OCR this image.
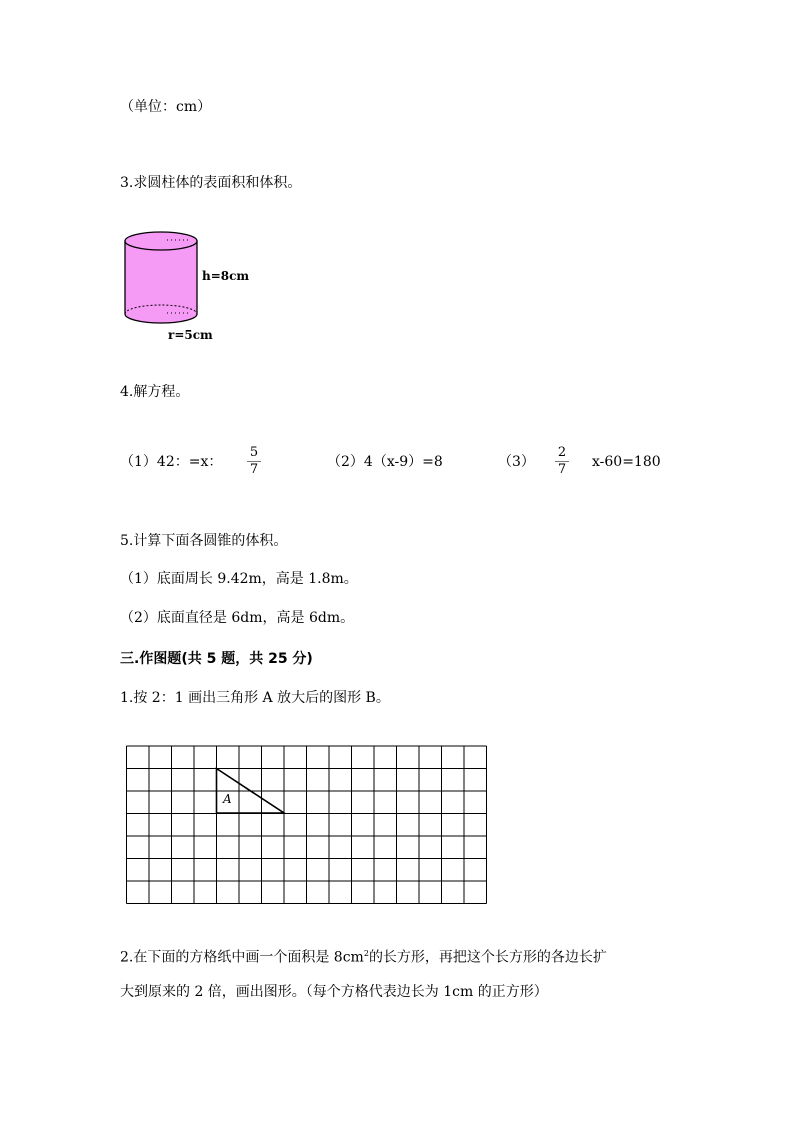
（单位：cm）
3.求圆柱体的表面积和体积。
h=8cm
r=5cm
4.解方程。
（1）42：=x：
5
7	（2）4（x-9）=8	（3）
2
7 x-60=180
5.计算下面各圆锥的体积。
（1）底面周长 9.42m，高是 1.8m。
（2）底面直径是 6dm，高是 6dm。
三.作图题(共 5 题，共 25 分)
1.按 2：1 画出三角形 A 放大后的图形 B。
A
2.在下面的方格纸中画一个面积是 $8cm^2$的长方形，再把这个长方形的各边长扩
大到原来的 2 倍，画出图形。（每个方格代表边长为 1cm 的正方形）
